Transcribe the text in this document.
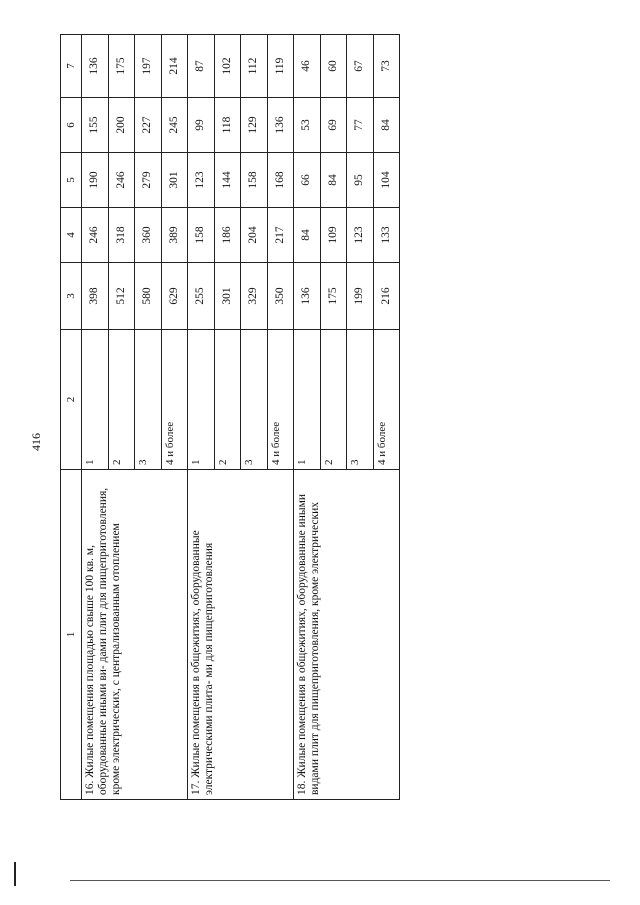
416
1	2	3	4	5	6	7
16. Жилые помещения площадью свыше 100 кв. м, оборудованные иными ви- дами плит для пищеприготовления, кроме электрических, с централизованным отоплением	1	398	246	190	155	136
	2	512	318	246	200	175
	3	580	360	279	227	197
	4 и более	629	389	301	245	214
17. Жилые помещения в общежитиях, оборудованные электрическими плита- ми для пищеприготовления	1	255	158	123	99	87
	2	301	186	144	118	102
	3	329	204	158	129	112
	4 и более	350	217	168	136	119
18. Жилые помещения в общежитиях, оборудованные иными видами плит для пищеприготовления, кроме электрических	1	136	84	66	53	46
	2	175	109	84	69	60
	3	199	123	95	77	67
	4 и более	216	133	104	84	73
